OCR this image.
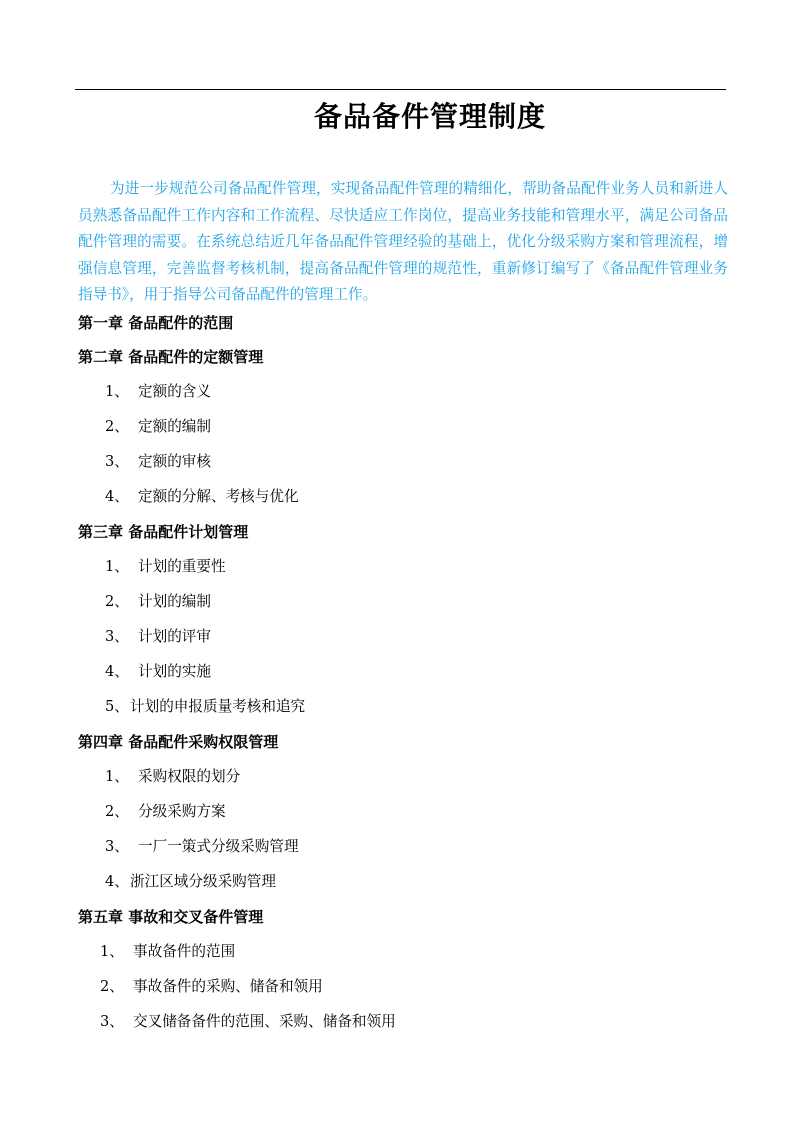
备品备件管理制度

为进一步规范公司备品配件管理，实现备品配件管理的精细化，帮助备品配件业务人员和新进人员熟悉备品配件工作内容和工作流程、尽快适应工作岗位，提高业务技能和管理水平，满足公司备品配件管理的需要。在系统总结近几年备品配件管理经验的基础上，优化分级采购方案和管理流程，增强信息管理，完善监督考核机制，提高备品配件管理的规范性，重新修订编写了《备品配件管理业务指导书》，用于指导公司备品配件的管理工作。

第一章 备品配件的范围
第二章 备品配件的定额管理
1、 定额的含义
2、 定额的编制
3、 定额的审核
4、 定额的分解、考核与优化
第三章 备品配件计划管理
1、 计划的重要性
2、 计划的编制
3、 计划的评审
4、 计划的实施
5、 计划的申报质量考核和追究
第四章 备品配件采购权限管理
1、 采购权限的划分
2、 分级采购方案
3、 一厂一策式分级采购管理
4、 浙江区域分级采购管理
第五章 事故和交叉备件管理
1、 事故备件的范围
2、 事故备件的采购、储备和领用
3、 交叉储备备件的范围、采购、储备和领用
